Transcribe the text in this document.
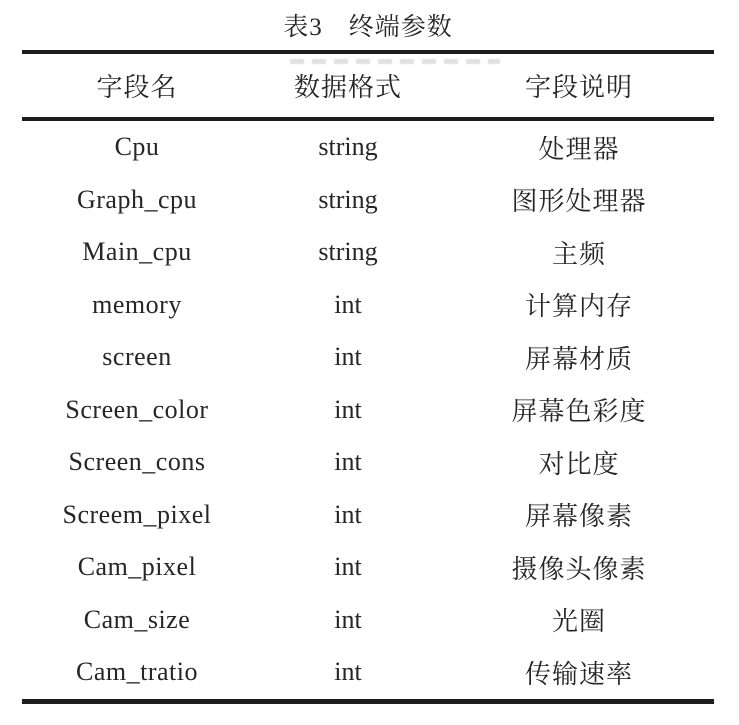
表3 终端参数
字段名	数据格式	字段说明
Cpu	string	处理器
Graph_cpu	string	图形处理器
Main_cpu	string	主频
memory	int	计算内存
screen	int	屏幕材质
Screen_color	int	屏幕色彩度
Screen_cons	int	对比度
Screem_pixel	int	屏幕像素
Cam_pixel	int	摄像头像素
Cam_size	int	光圈
Cam_tratio	int	传输速率
